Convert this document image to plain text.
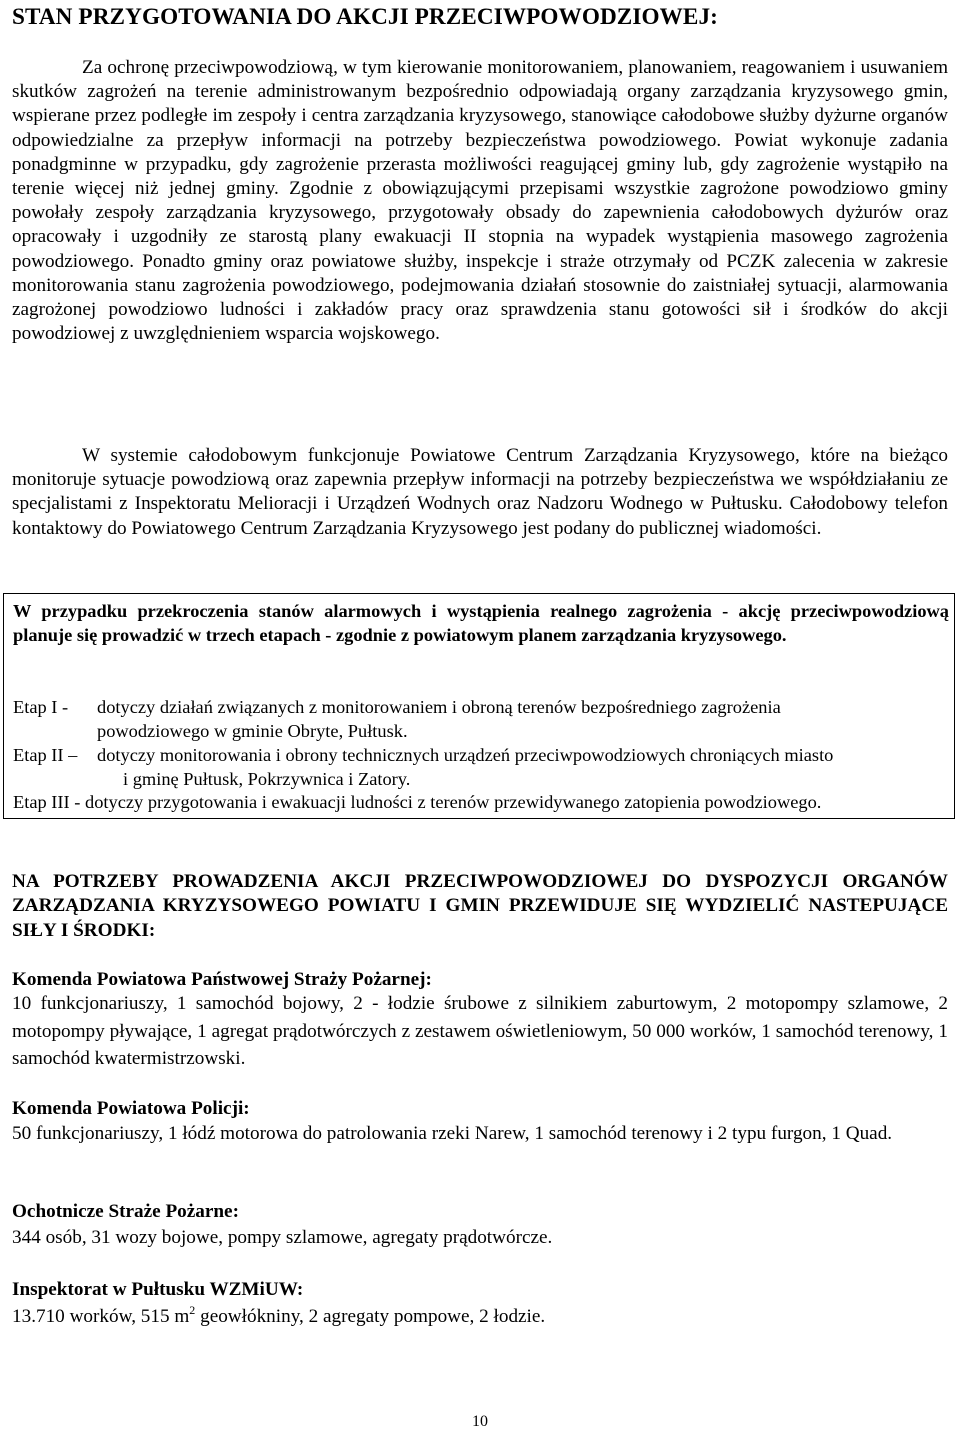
STAN PRZYGOTOWANIA DO AKCJI PRZECIWPOWODZIOWEJ:
Za ochronę przeciwpowodziową, w tym kierowanie monitorowaniem, planowaniem, reagowaniem i usuwaniem skutków zagrożeń na terenie administrowanym bezpośrednio odpowiadają organy zarządzania kryzysowego gmin, wspierane przez podległe im zespoły i centra zarządzania kryzysowego, stanowiące całodobowe służby dyżurne organów odpowiedzialne za przepływ informacji na potrzeby bezpieczeństwa powodziowego. Powiat wykonuje zadania ponadgminne w przypadku, gdy zagrożenie przerasta możliwości reagującej gminy lub, gdy zagrożenie wystąpiło na terenie więcej niż jednej gminy. Zgodnie z obowiązującymi przepisami wszystkie zagrożone powodziowo gminy powołały zespoły zarządzania kryzysowego, przygotowały obsady do zapewnienia całodobowych dyżurów oraz opracowały i uzgodniły ze starostą plany ewakuacji II stopnia na wypadek wystąpienia masowego zagrożenia powodziowego. Ponadto gminy oraz powiatowe służby, inspekcje i straże otrzymały od PCZK zalecenia w zakresie monitorowania stanu zagrożenia powodziowego, podejmowania działań stosownie do zaistniałej sytuacji, alarmowania zagrożonej powodziowo ludności i zakładów pracy oraz sprawdzenia stanu gotowości sił i środków do akcji powodziowej z uwzględnieniem wsparcia wojskowego.
W systemie całodobowym funkcjonuje Powiatowe Centrum Zarządzania Kryzysowego, które na bieżąco monitoruje sytuacje powodziową oraz zapewnia przepływ informacji na potrzeby bezpieczeństwa we współdziałaniu ze specjalistami z Inspektoratu Melioracji i Urządzeń Wodnych oraz Nadzoru Wodnego w Pułtusku. Całodobowy telefon kontaktowy do Powiatowego Centrum Zarządzania Kryzysowego jest podany do publicznej wiadomości.
W przypadku przekroczenia stanów alarmowych i wystąpienia realnego zagrożenia - akcję przeciwpowodziową planuje się prowadzić w trzech etapach - zgodnie z powiatowym planem zarządzania kryzysowego.
Etap I - dotyczy działań związanych z monitorowaniem i obroną terenów bezpośredniego zagrożenia
powodziowego w gminie Obryte, Pułtusk.
Etap II – dotyczy monitorowania i obrony technicznych urządzeń przeciwpowodziowych chroniących miasto
i gminę Pułtusk, Pokrzywnica i Zatory.
Etap III - dotyczy przygotowania i ewakuacji ludności z terenów przewidywanego zatopienia powodziowego.
NA POTRZEBY PROWADZENIA AKCJI PRZECIWPOWODZIOWEJ DO DYSPOZYCJI ORGANÓW ZARZĄDZANIA KRYZYSOWEGO POWIATU I GMIN PRZEWIDUJE SIĘ WYDZIELIĆ NASTEPUJĄCE SIŁY I ŚRODKI:
Komenda Powiatowa Państwowej Straży Pożarnej:
10 funkcjonariuszy, 1 samochód bojowy, 2 - łodzie śrubowe z silnikiem zaburtowym, 2 motopompy szlamowe, 2 motopompy pływające, 1 agregat prądotwórczych z zestawem oświetleniowym, 50 000 worków, 1 samochód terenowy, 1 samochód kwatermistrzowski.
Komenda Powiatowa Policji:
50 funkcjonariuszy, 1 łódź motorowa do patrolowania rzeki Narew, 1 samochód terenowy i 2 typu furgon, 1 Quad.
Ochotnicze Straże Pożarne:
344 osób, 31 wozy bojowe, pompy szlamowe, agregaty prądotwórcze.
Inspektorat w Pułtusku WZMiUW:
13.710 worków, 515 $m^2$ geowłókniny, 2 agregaty pompowe, 2 łodzie.
10
